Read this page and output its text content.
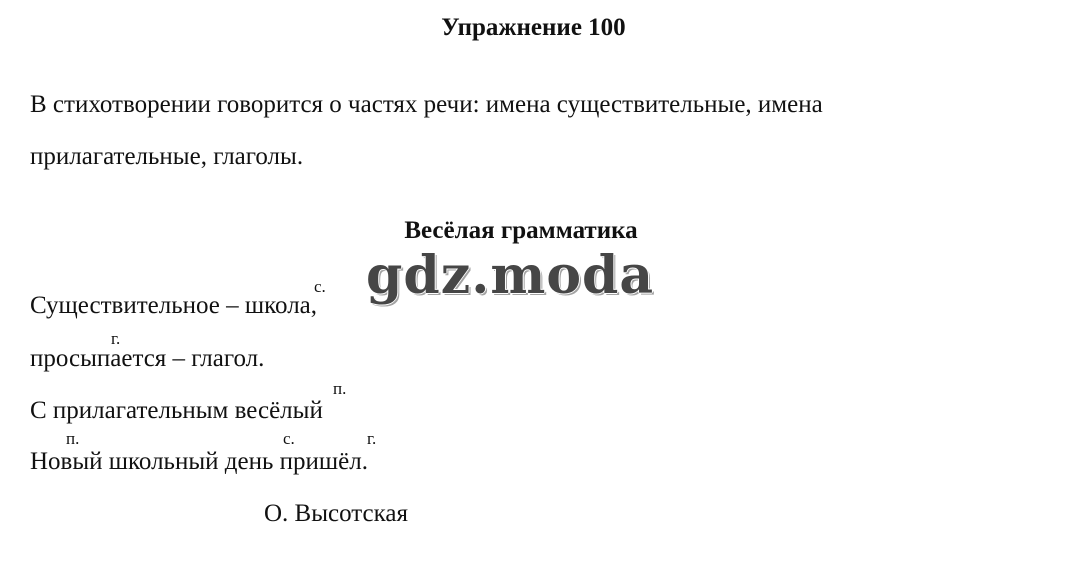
Упражнение 100
В стихотворении говорится о частях речи: имена существительные, имена
прилагательные, глаголы.
Весёлая грамматика
с.
Существительное – школа,
г.
просыпается – глагол.
п.
С прилагательным весёлый
п.	с.	г.
Новый школьный день пришёл.
О. Высотская
gdz.moda
